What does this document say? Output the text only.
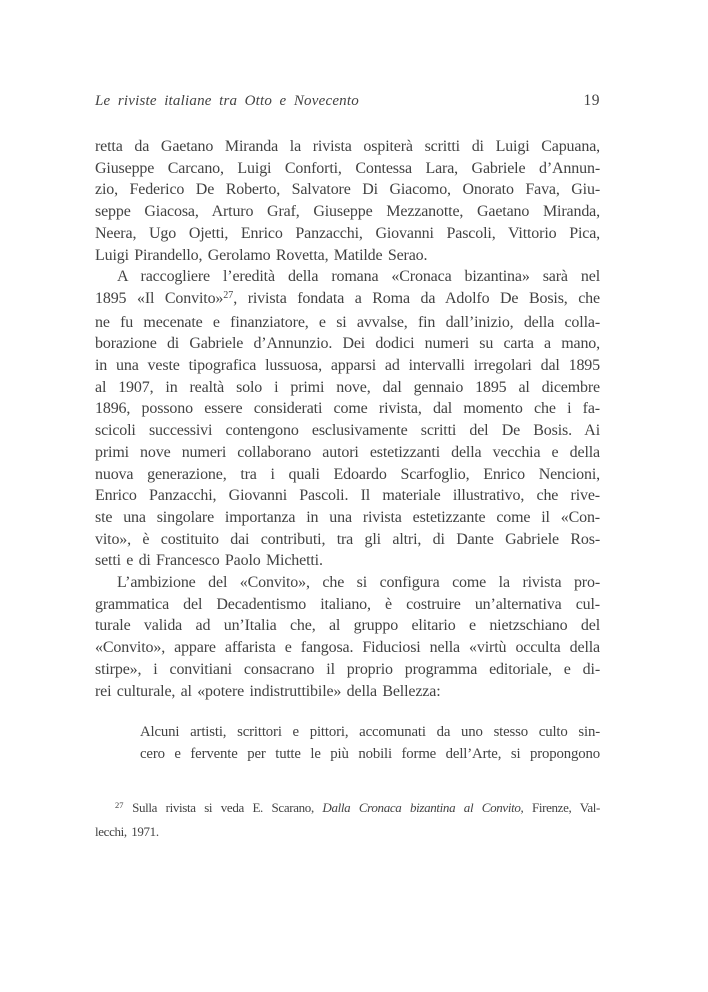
Le riviste italiane tra Otto e Novecento	19
retta da Gaetano Miranda la rivista ospiterà scritti di Luigi Capuana,
Giuseppe Carcano, Luigi Conforti, Contessa Lara, Gabriele d’Annun-
zio, Federico De Roberto, Salvatore Di Giacomo, Onorato Fava, Giu-
seppe Giacosa, Arturo Graf, Giuseppe Mezzanotte, Gaetano Miranda,
Neera, Ugo Ojetti, Enrico Panzacchi, Giovanni Pascoli, Vittorio Pica,
Luigi Pirandello, Gerolamo Rovetta, Matilde Serao.
A raccogliere l’eredità della romana «Cronaca bizantina» sarà nel
1895 «Il Convito»$^{27}$, rivista fondata a Roma da Adolfo De Bosis, che
ne fu mecenate e finanziatore, e si avvalse, fin dall’inizio, della colla-
borazione di Gabriele d’Annunzio. Dei dodici numeri su carta a mano,
in una veste tipografica lussuosa, apparsi ad intervalli irregolari dal 1895
al 1907, in realtà solo i primi nove, dal gennaio 1895 al dicembre
1896, possono essere considerati come rivista, dal momento che i fa-
scicoli successivi contengono esclusivamente scritti del De Bosis. Ai
primi nove numeri collaborano autori estetizzanti della vecchia e della
nuova generazione, tra i quali Edoardo Scarfoglio, Enrico Nencioni,
Enrico Panzacchi, Giovanni Pascoli. Il materiale illustrativo, che rive-
ste una singolare importanza in una rivista estetizzante come il «Con-
vito», è costituito dai contributi, tra gli altri, di Dante Gabriele Ros-
setti e di Francesco Paolo Michetti.
L’ambizione del «Convito», che si configura come la rivista pro-
grammatica del Decadentismo italiano, è costruire un’alternativa cul-
turale valida ad un’Italia che, al gruppo elitario e nietzschiano del
«Convito», appare affarista e fangosa. Fiduciosi nella «virtù occulta della
stirpe», i convitiani consacrano il proprio programma editoriale, e di-
rei culturale, al «potere indistruttibile» della Bellezza:
Alcuni artisti, scrittori e pittori, accomunati da uno stesso culto sin-
cero e fervente per tutte le più nobili forme dell’Arte, si propongono
$^{27}$ Sulla rivista si veda E. Scarano, Dalla Cronaca bizantina al Convito, Firenze, Val-
lecchi, 1971.
